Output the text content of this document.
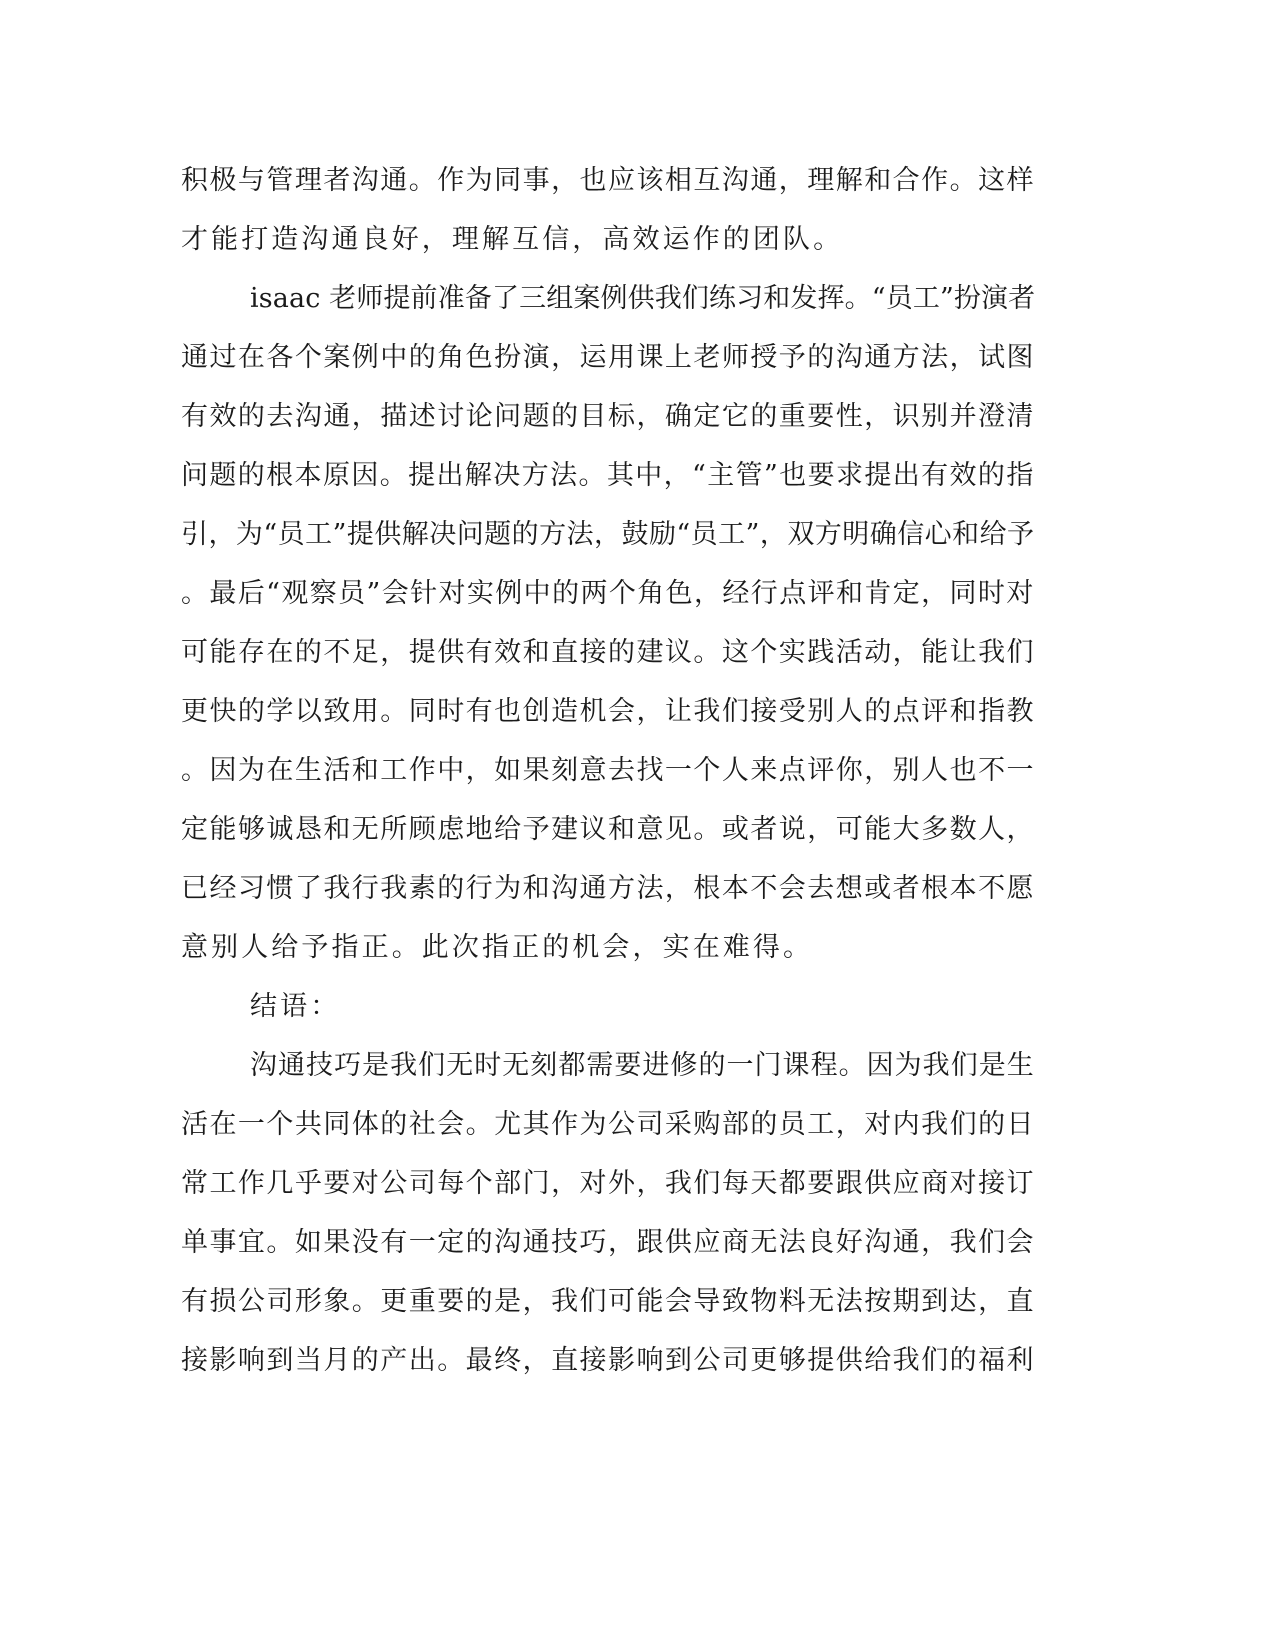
积极与管理者沟通。作为同事，也应该相互沟通，理解和合作。这样
才能打造沟通良好，理解互信，高效运作的团队。
isaac 老师提前准备了三组案例供我们练习和发挥。“员工”扮演者
通过在各个案例中的角色扮演，运用课上老师授予的沟通方法，试图
有效的去沟通，描述讨论问题的目标，确定它的重要性，识别并澄清
问题的根本原因。提出解决方法。其中，“主管”也要求提出有效的指
引，为“员工”提供解决问题的方法，鼓励“员工”，双方明确信心和给予
。最后“观察员”会针对实例中的两个角色，经行点评和肯定，同时对
可能存在的不足，提供有效和直接的建议。这个实践活动，能让我们
更快的学以致用。同时有也创造机会，让我们接受别人的点评和指教
。因为在生活和工作中，如果刻意去找一个人来点评你，别人也不一
定能够诚恳和无所顾虑地给予建议和意见。或者说，可能大多数人，
已经习惯了我行我素的行为和沟通方法，根本不会去想或者根本不愿
意别人给予指正。此次指正的机会，实在难得。
结语：
沟通技巧是我们无时无刻都需要进修的一门课程。因为我们是生
活在一个共同体的社会。尤其作为公司采购部的员工，对内我们的日
常工作几乎要对公司每个部门，对外，我们每天都要跟供应商对接订
单事宜。如果没有一定的沟通技巧，跟供应商无法良好沟通，我们会
有损公司形象。更重要的是，我们可能会导致物料无法按期到达，直
接影响到当月的产出。最终，直接影响到公司更够提供给我们的福利
